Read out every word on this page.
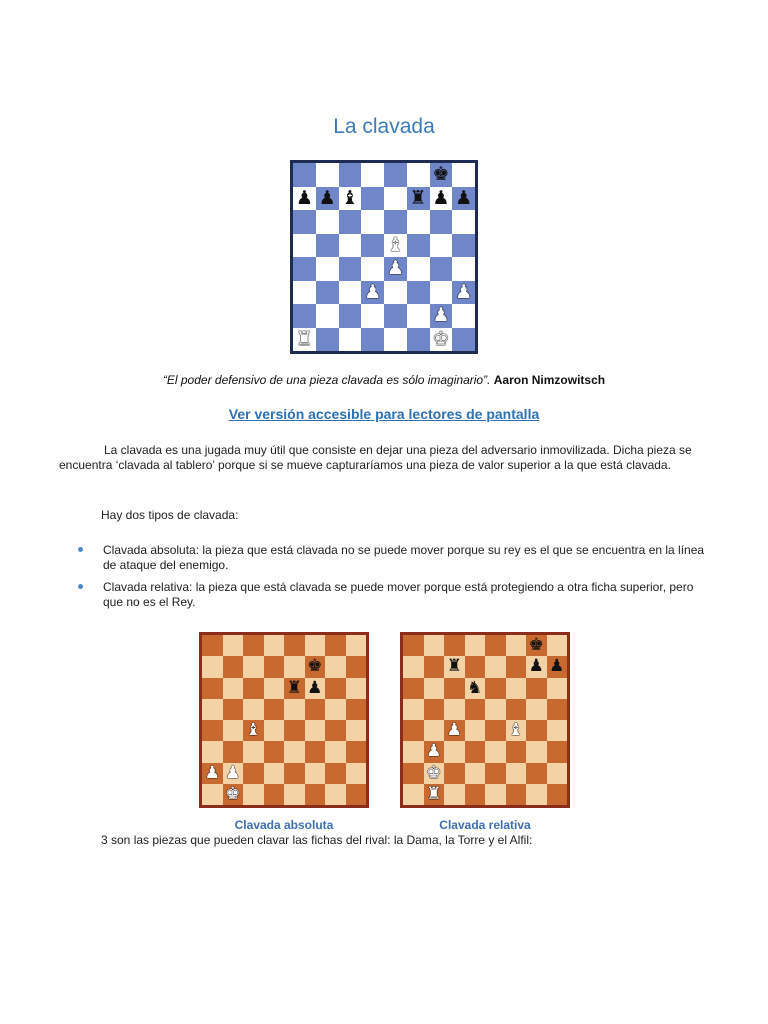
La clavada
♚
♟ ♟ ♝	♜ ♟ ♟
♝
♟
♟	♟
♟
♜	♚
“El poder defensivo de una pieza clavada es sólo imaginario”. Aaron Nimzowitsch
Ver versión accesible para lectores de pantalla
La clavada es una jugada muy útil que consiste en dejar una pieza del adversario inmovilizada. Dicha pieza se encuentra ‘clavada al tablero’ porque si se mueve capturaríamos una pieza de valor superior a la que está clavada.
Hay dos tipos de clavada:
Clavada absoluta: la pieza que está clavada no se puede mover porque su rey es el que se encuentra en la línea de ataque del enemigo.
Clavada relativa: la pieza que está clavada se puede mover porque está protegiendo a otra ficha superior, pero que no es el Rey.
♚
♜ ♟
♝
♟ ♟
♚
♚
♜	♟ ♟
♞
♟	♝
♟
♚
♜
Clavada absoluta	Clavada relativa
3 son las piezas que pueden clavar las fichas del rival: la Dama, la Torre y el Alfil:
